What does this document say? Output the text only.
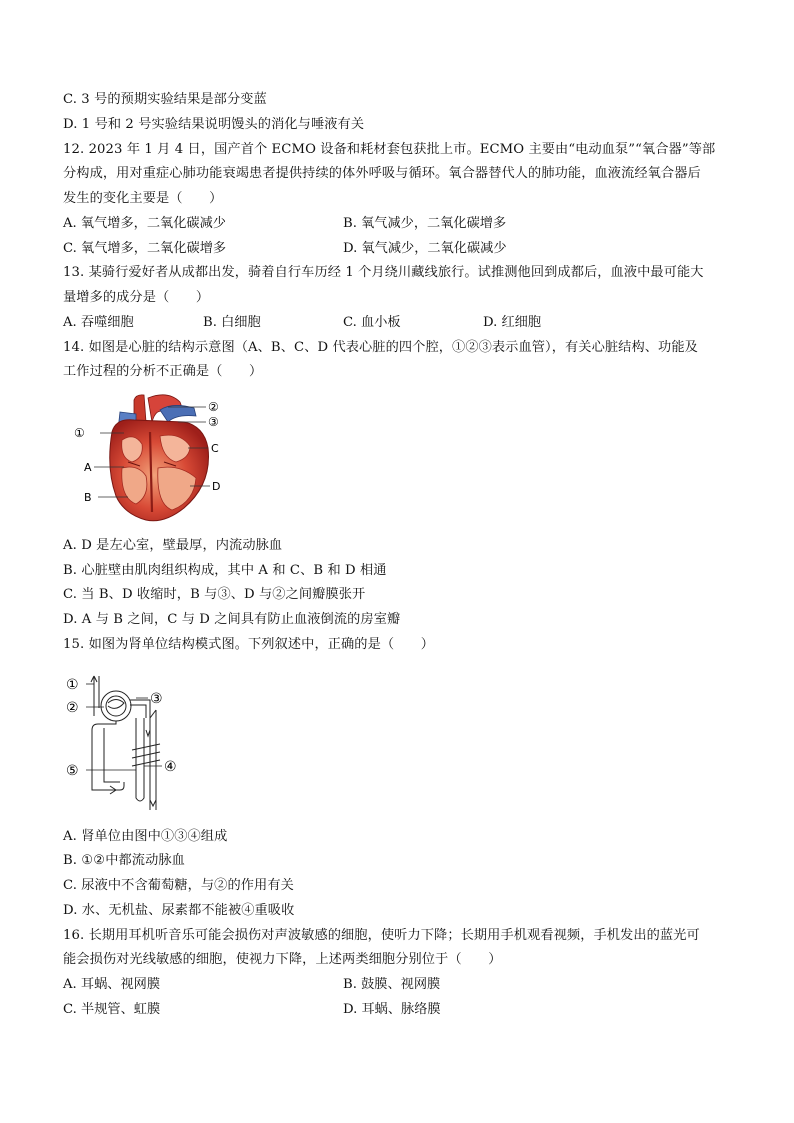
C. 3 号的预期实验结果是部分变蓝
D. 1 号和 2 号实验结果说明馒头的消化与唾液有关
12. 2023 年 1 月 4 日，国产首个 ECMO 设备和耗材套包获批上市。ECMO 主要由“电动血泵”“氧合器”等部
分构成，用对重症心肺功能衰竭患者提供持续的体外呼吸与循环。氧合器替代人的肺功能，血液流经氧合器后
发生的变化主要是（　　）
A. 氧气增多，二氧化碳减少	B. 氧气减少，二氧化碳增多
C. 氧气增多，二氧化碳增多	D. 氧气减少，二氧化碳减少
13. 某骑行爱好者从成都出发，骑着自行车历经 1 个月绕川藏线旅行。试推测他回到成都后，血液中最可能大
量增多的成分是（　　）
A. 吞噬细胞	B. 白细胞	C. 血小板	D. 红细胞
14. 如图是心脏的结构示意图（A、B、C、D 代表心脏的四个腔，①②③表示血管），有关心脏结构、功能及
工作过程的分析不正确是（　　）
①
②
③
C
A
D
B
A. D 是左心室，壁最厚，内流动脉血
B. 心脏壁由肌肉组织构成，其中 A 和 C、B 和 D 相通
C. 当 B、D 收缩时，B 与③、D 与②之间瓣膜张开
D. A 与 B 之间，C 与 D 之间具有防止血液倒流的房室瓣
15. 如图为肾单位结构模式图。下列叙述中，正确的是（　　）
①
②
③
④
⑤
A. 肾单位由图中①③④组成
B. ①②中都流动脉血
C. 尿液中不含葡萄糖，与②的作用有关
D. 水、无机盐、尿素都不能被④重吸收
16. 长期用耳机听音乐可能会损伤对声波敏感的细胞，使听力下降；长期用手机观看视频，手机发出的蓝光可
能会损伤对光线敏感的细胞，使视力下降，上述两类细胞分别位于（　　）
A. 耳蜗、视网膜	B. 鼓膜、视网膜
C. 半规管、虹膜	D. 耳蜗、脉络膜
